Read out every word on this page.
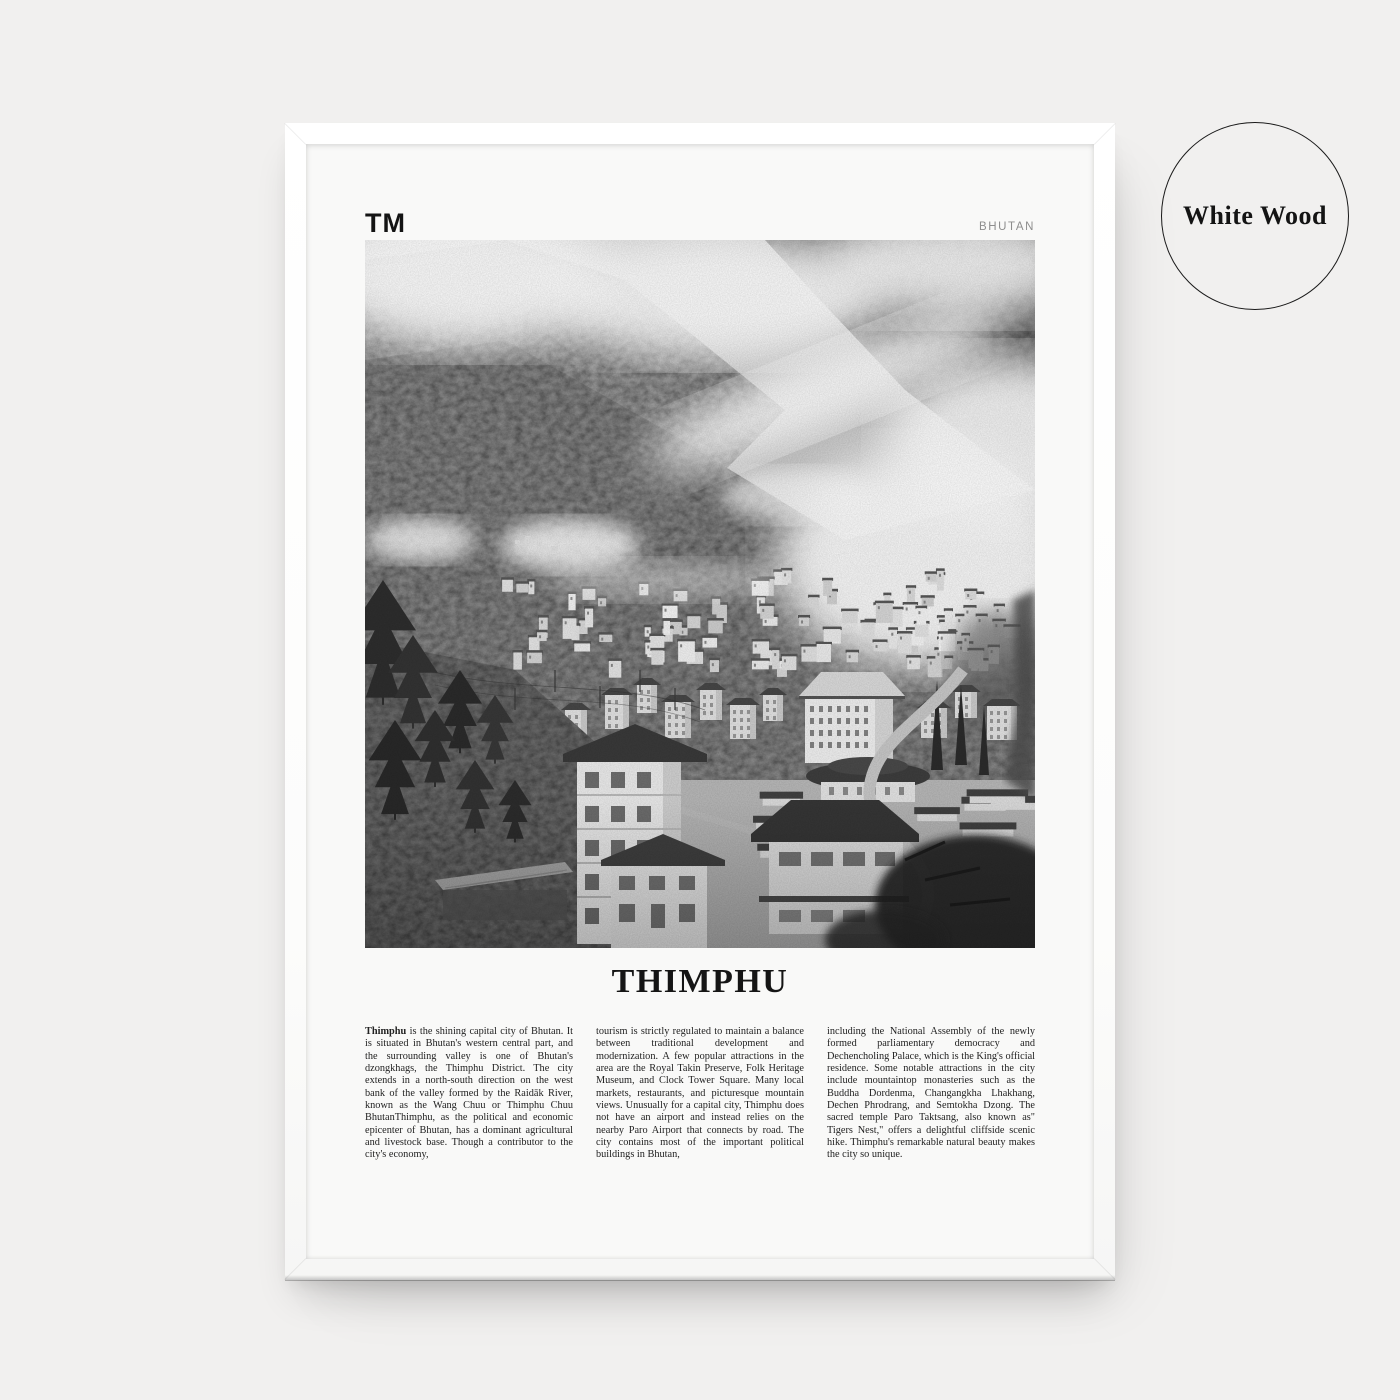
TM	BHUTAN
THIMPHU

Thimphu is the shining capital city of Bhutan. It is situated in Bhutan's western central part, and the surrounding valley is one of Bhutan's dzongkhags, the Thimphu District. The city extends in a north-south direction on the west bank of the valley formed by the Raidāk River, known as the Wang Chuu or Thimphu Chuu BhutanThimphu, as the political and economic epicenter of Bhutan, has a dominant agricultural and livestock base. Though a contributor to the city's economy,

tourism is strictly regulated to maintain a balance between traditional development and modernization. A few popular attractions in the area are the Royal Takin Preserve, Folk Heritage Museum, and Clock Tower Square. Many local markets, restaurants, and picturesque mountain views. Unusually for a capital city, Thimphu does not have an airport and instead relies on the nearby Paro Airport that connects by road. The city contains most of the important political buildings in Bhutan,

including the National Assembly of the newly formed parliamentary democracy and Dechencholing Palace, which is the King's official residence. Some notable attractions in the city include mountaintop monasteries such as the Buddha Dordenma, Changangkha Lhakhang, Dechen Phrodrang, and Semtokha Dzong. The sacred temple Paro Taktsang, also known as" Tigers Nest," offers a delightful cliffside scenic hike. Thimphu's remarkable natural beauty makes the city so unique.

White Wood
